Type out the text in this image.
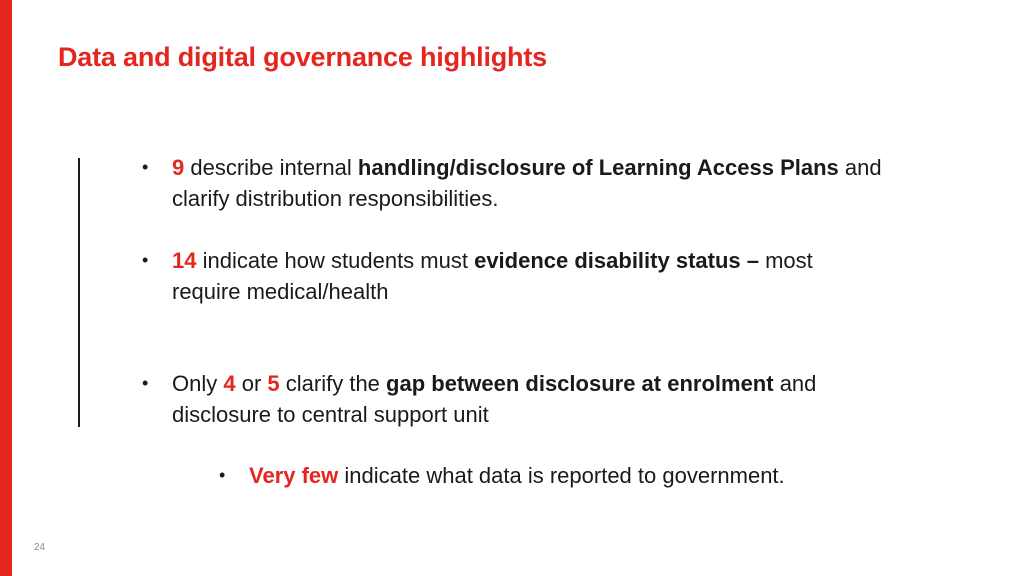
Data and digital governance highlights
•	9 describe internal handling/disclosure of Learning Access Plans and clarify distribution responsibilities.
•	14 indicate how students must evidence disability status – most require medical/health
•	Only 4 or 5 clarify the gap between disclosure at enrolment and disclosure to central support unit
•	Very few indicate what data is reported to government.
24
